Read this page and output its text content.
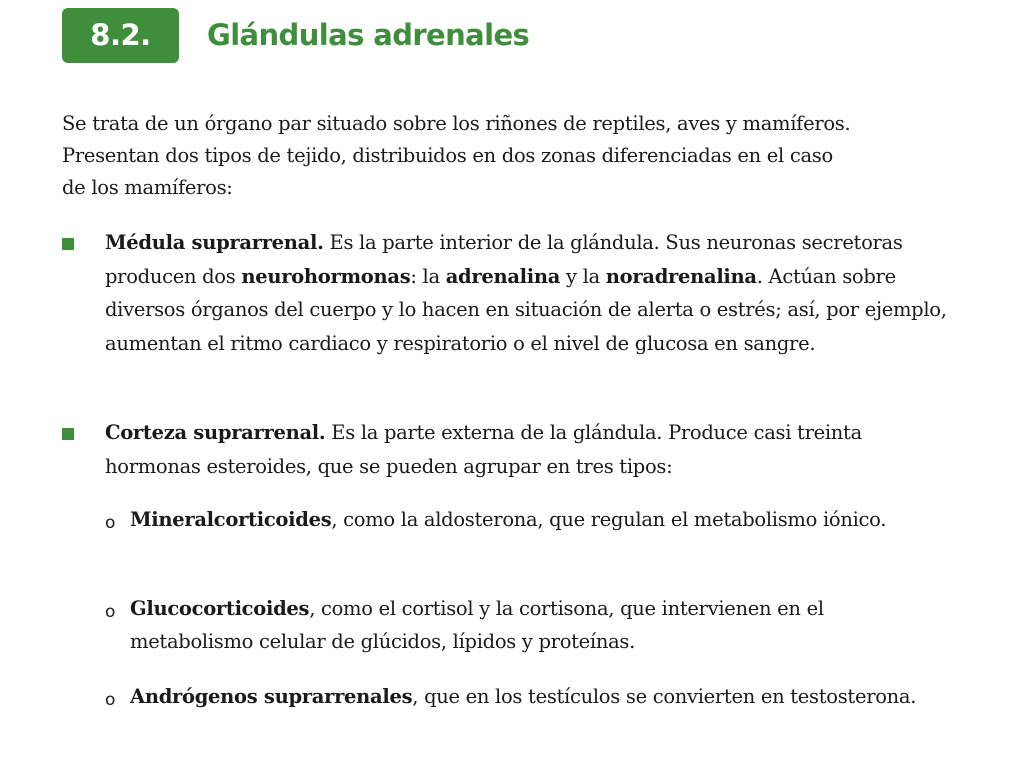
8.2.	Glándulas adrenales

Se trata de un órgano par situado sobre los riñones de reptiles, aves y mamíferos. Presentan dos tipos de tejido, distribuidos en dos zonas diferenciadas en el caso de los mamíferos:

Médula suprarrenal. Es la parte interior de la glándula. Sus neuronas secretoras producen dos neurohormonas: la adrenalina y la noradrenalina. Actúan sobre diversos órganos del cuerpo y lo hacen en situación de alerta o estrés; así, por ejemplo, aumentan el ritmo cardiaco y respiratorio o el nivel de glucosa en sangre.
Corteza suprarrenal. Es la parte externa de la glándula. Produce casi treinta hormonas esteroides, que se pueden agrupar en tres tipos:
o Mineralcorticoides, como la aldosterona, que regulan el metabolismo iónico.
o Glucocorticoides, como el cortisol y la cortisona, que intervienen en el metabolismo celular de glúcidos, lípidos y proteínas.
o Andrógenos suprarrenales, que en los testículos se convierten en testosterona.
